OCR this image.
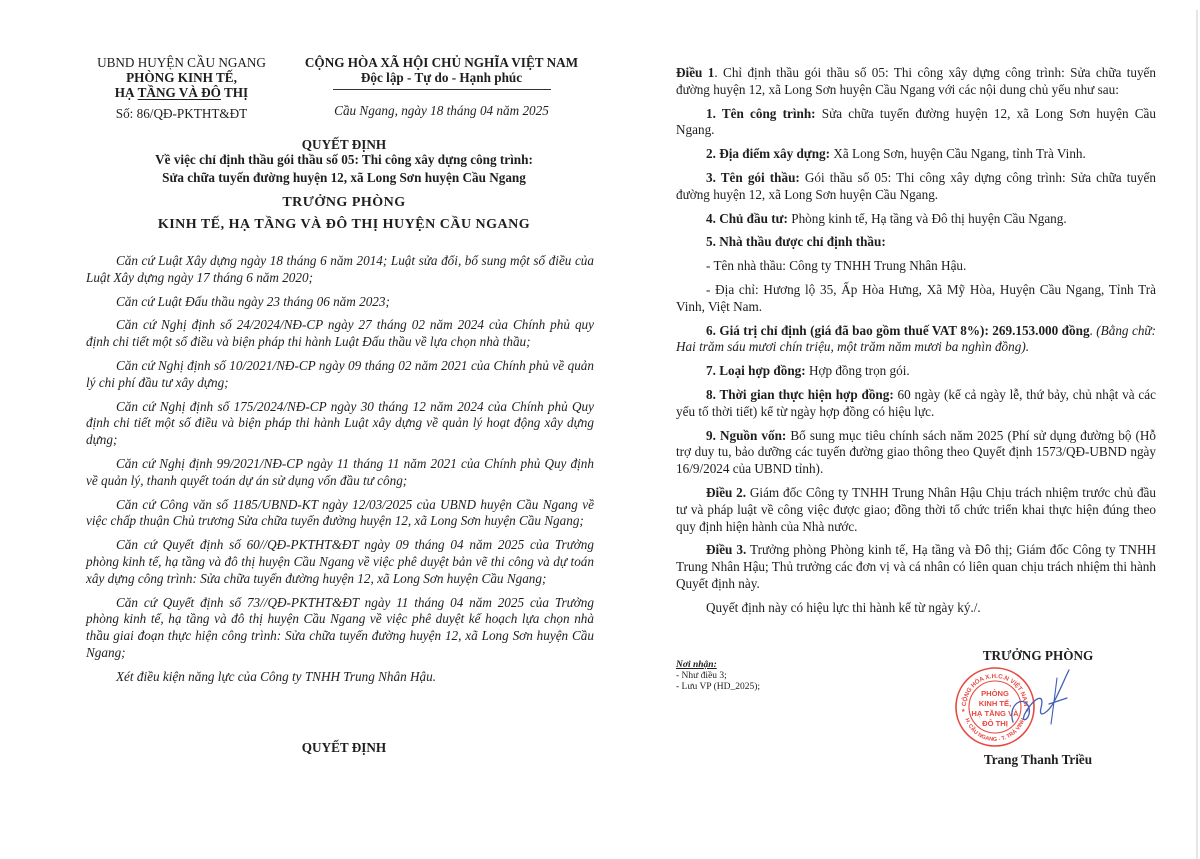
UBND HUYỆN CẦU NGANG
PHÒNG KINH TẾ,
HẠ TẦNG VÀ ĐÔ THỊ
Số: 86/QĐ-PKTHT&ĐT
CỘNG HÒA XÃ HỘI CHỦ NGHĨA VIỆT NAM
Độc lập - Tự do - Hạnh phúc
Cầu Ngang, ngày 18 tháng 04 năm 2025
QUYẾT ĐỊNH
Về việc chỉ định thầu gói thầu số 05: Thi công xây dựng công trình:
Sửa chữa tuyến đường huyện 12, xã Long Sơn huyện Cầu Ngang
TRƯỞNG PHÒNG
KINH TẾ, HẠ TẦNG VÀ ĐÔ THỊ HUYỆN CẦU NGANG

Căn cứ Luật Xây dựng ngày 18 tháng 6 năm 2014; Luật sửa đổi, bổ sung một số điều của Luật Xây dựng ngày 17 tháng 6 năm 2020;

Căn cứ Luật Đấu thầu ngày 23 tháng 06 năm 2023;

Căn cứ Nghị định số 24/2024/NĐ-CP ngày 27 tháng 02 năm 2024 của Chính phủ quy định chi tiết một số điều và biện pháp thi hành Luật Đấu thầu về lựa chọn nhà thầu;

Căn cứ Nghị định số 10/2021/NĐ-CP ngày 09 tháng 02 năm 2021 của Chính phủ về quản lý chi phí đầu tư xây dựng;

Căn cứ Nghị định số 175/2024/NĐ-CP ngày 30 tháng 12 năm 2024 của Chính phủ Quy định chi tiết một số điều và biện pháp thi hành Luật xây dựng về quản lý hoạt động xây dựng dựng;

Căn cứ Nghị định 99/2021/NĐ-CP ngày 11 tháng 11 năm 2021 của Chính phủ Quy định về quản lý, thanh quyết toán dự án sử dụng vốn đầu tư công;

Căn cứ Công văn số 1185/UBND-KT ngày 12/03/2025 của UBND huyện Cầu Ngang về việc chấp thuận Chủ trương Sửa chữa tuyến đường huyện 12, xã Long Sơn huyện Cầu Ngang;

Căn cứ Quyết định số 60//QĐ-PKTHT&ĐT ngày 09 tháng 04 năm 2025 của Trưởng phòng kinh tế, hạ tầng và đô thị huyện Cầu Ngang về việc phê duyệt bản vẽ thi công và dự toán xây dựng công trình: Sửa chữa tuyến đường huyện 12, xã Long Sơn huyện Cầu Ngang;

Căn cứ Quyết định số 73//QĐ-PKTHT&ĐT ngày 11 tháng 04 năm 2025 của Trưởng phòng kinh tế, hạ tầng và đô thị huyện Cầu Ngang về việc phê duyệt kế hoạch lựa chọn nhà thầu giai đoạn thực hiện công trình: Sửa chữa tuyến đường huyện 12, xã Long Sơn huyện Cầu Ngang;

Xét điều kiện năng lực của Công ty TNHH Trung Nhân Hậu.

QUYẾT ĐỊNH

Điều 1. Chỉ định thầu gói thầu số 05: Thi công xây dựng công trình: Sửa chữa tuyến đường huyện 12, xã Long Sơn huyện Cầu Ngang với các nội dung chủ yếu như sau:

1. Tên công trình: Sửa chữa tuyến đường huyện 12, xã Long Sơn huyện Cầu Ngang.

2. Địa điểm xây dựng: Xã Long Sơn, huyện Cầu Ngang, tỉnh Trà Vinh.

3. Tên gói thầu: Gói thầu số 05: Thi công xây dựng công trình: Sửa chữa tuyến đường huyện 12, xã Long Sơn huyện Cầu Ngang.

4. Chủ đầu tư: Phòng kinh tế, Hạ tầng và Đô thị huyện Cầu Ngang.

5. Nhà thầu được chỉ định thầu:

- Tên nhà thầu: Công ty TNHH Trung Nhân Hậu.

- Địa chỉ: Hương lộ 35, Ấp Hòa Hưng, Xã Mỹ Hòa, Huyện Cầu Ngang, Tỉnh Trà Vinh, Việt Nam.

6. Giá trị chỉ định (giá đã bao gồm thuế VAT 8%): 269.153.000 đồng. (Bằng chữ: Hai trăm sáu mươi chín triệu, một trăm năm mươi ba nghìn đồng).

7. Loại hợp đồng: Hợp đồng trọn gói.

8. Thời gian thực hiện hợp đồng: 60 ngày (kể cả ngày lễ, thứ bảy, chủ nhật và các yếu tố thời tiết) kể từ ngày hợp đồng có hiệu lực.

9. Nguồn vốn: Bổ sung mục tiêu chính sách năm 2025 (Phí sử dụng đường bộ (Hỗ trợ duy tu, bảo dưỡng các tuyến đường giao thông theo Quyết định 1573/QĐ-UBND ngày 16/9/2024 của UBND tỉnh).

Điều 2. Giám đốc Công ty TNHH Trung Nhân Hậu Chịu trách nhiệm trước chủ đầu tư và pháp luật về công việc được giao; đồng thời tổ chức triển khai thực hiện đúng theo quy định hiện hành của Nhà nước.

Điều 3. Trưởng phòng Phòng kinh tế, Hạ tầng và Đô thị; Giám đốc Công ty TNHH Trung Nhân Hậu; Thủ trưởng các đơn vị và cá nhân có liên quan chịu trách nhiệm thi hành Quyết định này.

Quyết định này có hiệu lực thi hành kể từ ngày ký./.

Nơi nhận:
- Như điều 3;
- Lưu VP (HD_2025);
TRƯỞNG PHÒNG
Trang Thanh Triều
CỘNG HÒA X.H.C.N VIỆT NAM
H. CẦU NGANG - T. TRÀ VINH
PHÒNG
KINH TẾ,
HẠ TẦNG VÀ
ĐÔ THỊ
★	★
